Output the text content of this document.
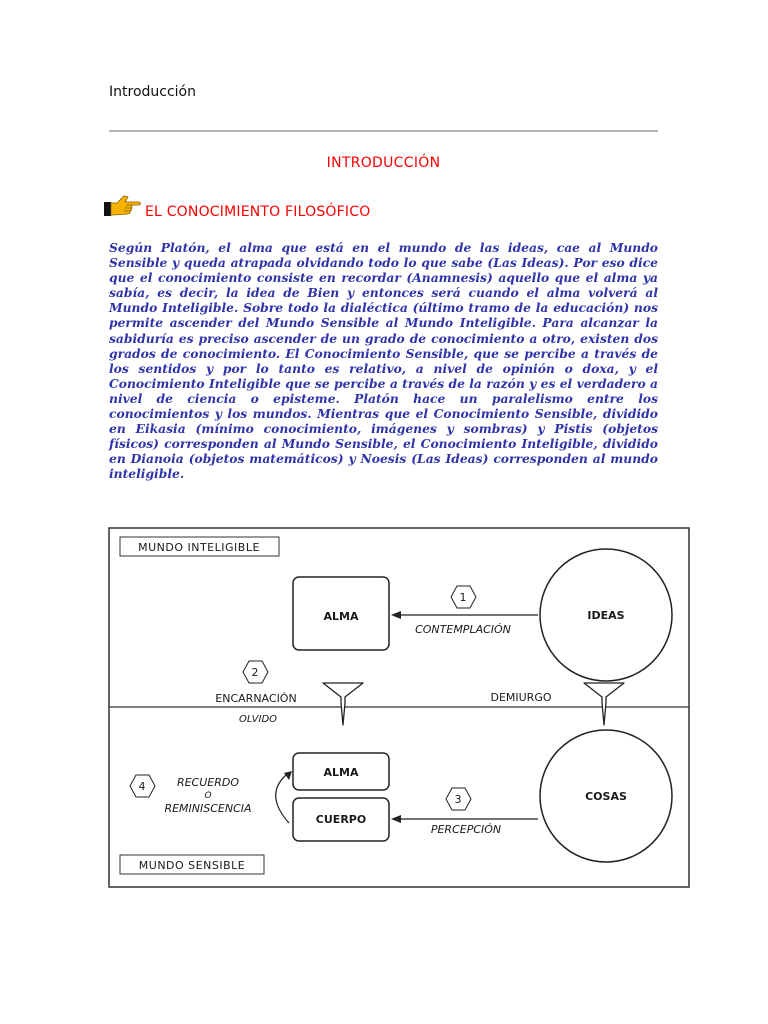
Introducción
INTRODUCCIÓN
EL CONOCIMIENTO FILOSÓFICO

Según Platón, el alma que está en el mundo de las ideas, cae al Mundo Sensible y queda atrapada olvidando todo lo que sabe (Las Ideas). Por eso dice que el conocimiento consiste en recordar (Anamnesis) aquello que el alma ya sabía, es decir, la idea de Bien y entonces será cuando el alma volverá al Mundo Inteligible. Sobre todo la dialéctica (último tramo de la educación) nos permite ascender del Mundo Sensible al Mundo Inteligible. Para alcanzar la sabiduría es preciso ascender de un grado de conocimiento a otro, existen dos grados de conocimiento. El Conocimiento Sensible, que se percibe a través de los sentidos y por lo tanto es relativo, a nivel de opinión o doxa, y el Conocimiento Inteligible que se percibe a través de la razón y es el verdadero a nivel de ciencia o episteme. Platón hace un paralelismo entre los conocimientos y los mundos. Mientras que el Conocimiento Sensible, dividido en Eikasia (mínimo conocimiento, imágenes y sombras) y Pistis (objetos físicos) corresponden al Mundo Sensible, el Conocimiento Inteligible, dividido en Dianoia (objetos matemáticos) y Noesis (Las Ideas) corresponden al mundo inteligible.

MUNDO INTELIGIBLE
MUNDO SENSIBLE
ALMA	IDEAS
1
CONTEMPLACIÓN
2
ENCARNACIÓN
OLVIDO
DEMIURGO
ALMA
CUERPO
4	RECUERDO
O
REMINISCENCIA
COSAS
3
PERCEPCIÓN
